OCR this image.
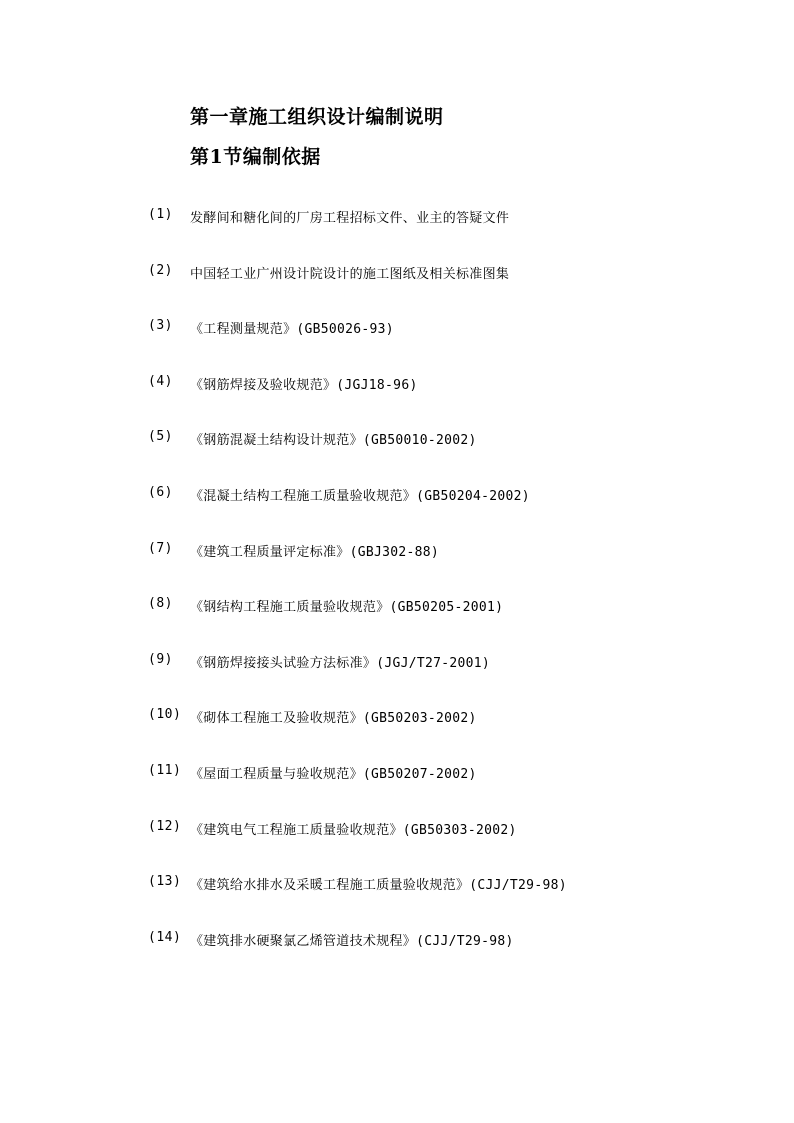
第一章施工组织设计编制说明
第1节编制依据
(1)	发酵间和糖化间的厂房工程招标文件、业主的答疑文件
(2)	中国轻工业广州设计院设计的施工图纸及相关标准图集
(3)	《工程测量规范》(GB50026-93)
(4)	《钢筋焊接及验收规范》(JGJ18-96)
(5)	《钢筋混凝土结构设计规范》(GB50010-2002)
(6)	《混凝土结构工程施工质量验收规范》(GB50204-2002)
(7)	《建筑工程质量评定标准》(GBJ302-88)
(8)	《钢结构工程施工质量验收规范》(GB50205-2001)
(9)	《钢筋焊接接头试验方法标准》(JGJ/T27-2001)
(10) 《砌体工程施工及验收规范》(GB50203-2002)
(11) 《屋面工程质量与验收规范》(GB50207-2002)
(12) 《建筑电气工程施工质量验收规范》(GB50303-2002)
(13) 《建筑给水排水及采暖工程施工质量验收规范》(CJJ/T29-98)
(14) 《建筑排水硬聚氯乙烯管道技术规程》(CJJ/T29-98)
